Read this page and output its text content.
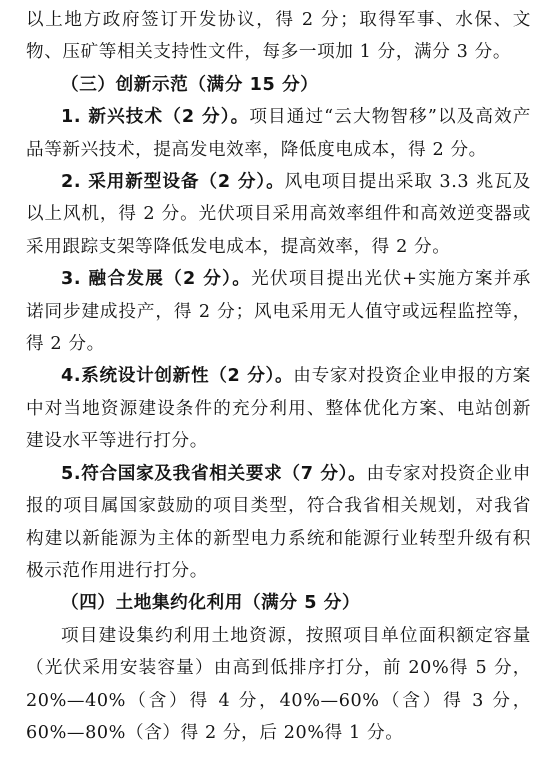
以上地方政府签订开发协议，得 2 分；取得军事、水保、文物、压矿等相关支持性文件，每多一项加 1 分，满分 3 分。

（三）创新示范（满分 15 分）

1. 新兴技术（2 分）。项目通过“云大物智移”以及高效产品等新兴技术，提高发电效率，降低度电成本，得 2 分。

2. 采用新型设备（2 分）。风电项目提出采取 3.3 兆瓦及以上风机，得 2 分。光伏项目采用高效率组件和高效逆变器或采用跟踪支架等降低发电成本，提高效率，得 2 分。

3. 融合发展（2 分）。光伏项目提出光伏+实施方案并承诺同步建成投产，得 2 分；风电采用无人值守或远程监控等，得 2 分。

4.系统设计创新性（2 分）。由专家对投资企业申报的方案中对当地资源建设条件的充分利用、整体优化方案、电站创新建设水平等进行打分。

5.符合国家及我省相关要求（7 分）。由专家对投资企业申报的项目属国家鼓励的项目类型，符合我省相关规划，对我省构建以新能源为主体的新型电力系统和能源行业转型升级有积极示范作用进行打分。

（四）土地集约化利用（满分 5 分）

项目建设集约利用土地资源，按照项目单位面积额定容量（光伏采用安装容量）由高到低排序打分，前 20%得 5 分，20%—40%（含）得 4 分，40%—60%（含）得 3 分，60%—80%（含）得 2 分，后 20%得 1 分。
